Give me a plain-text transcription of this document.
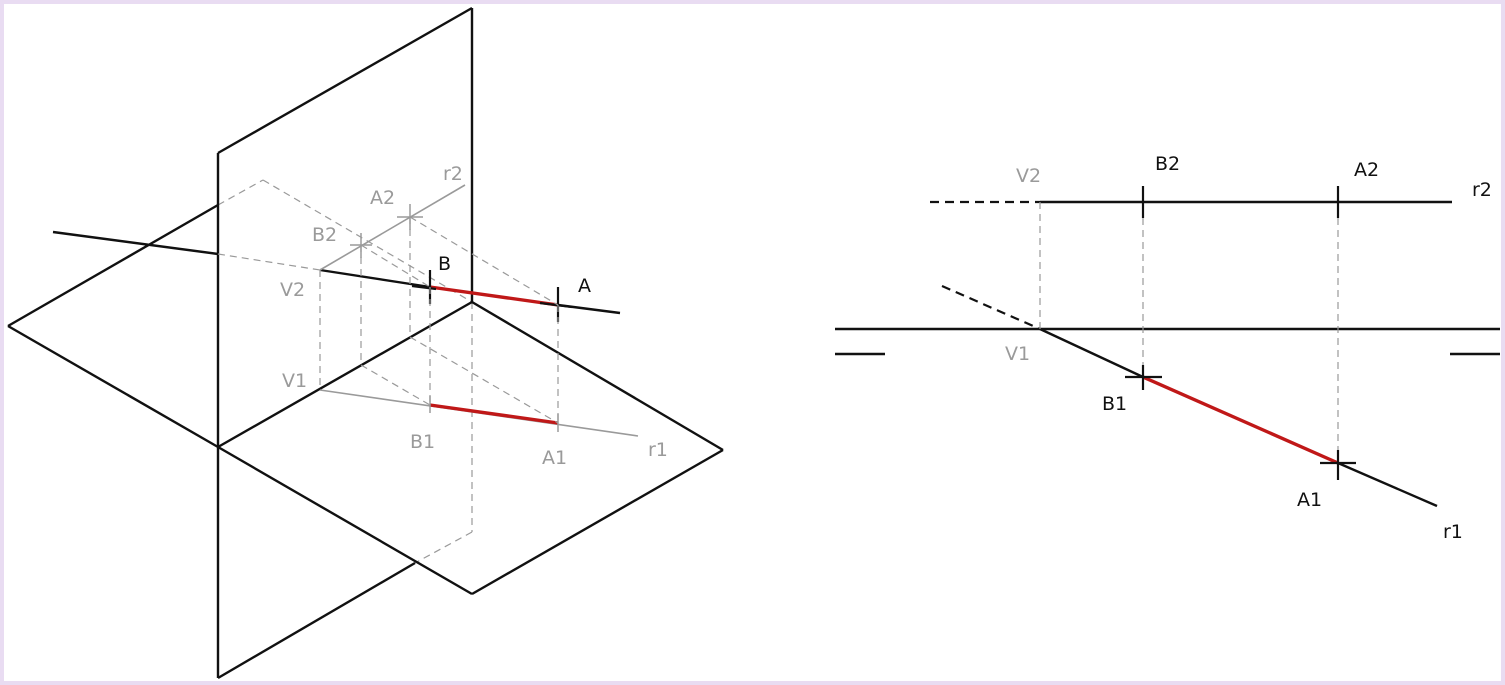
B
A
A2
B2
V2
r2
V1
B1
A1	r1
V2
B2	A2
r2
V1
B1
A1
r1
